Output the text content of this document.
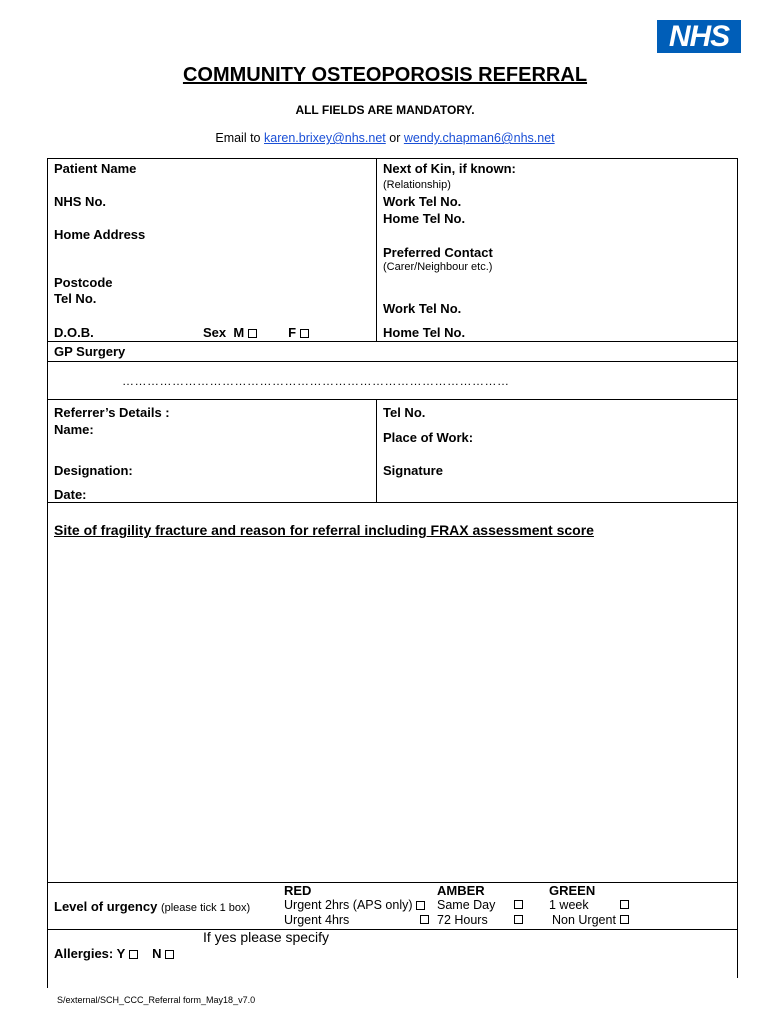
NHS
COMMUNITY OSTEOPOROSIS REFERRAL
ALL FIELDS ARE MANDATORY.
Email to karen.brixey@nhs.net or wendy.chapman6@nhs.net
Patient Name
NHS No.
Home Address
Postcode
Tel No.
D.O.B.	Sex M	F
GP Surgery
Next of Kin, if known:
(Relationship)
Work Tel No.
Home Tel No.
Preferred Contact
(Carer/Neighbour etc.)
Work Tel No.
Home Tel No.
…………………………………………………………………………………
Referrer’s Details :
Name:
Designation:
Date:
Tel No.
Place of Work:
Signature
Site of fragility fracture and reason for referral including FRAX assessment score
Level of urgency (please tick 1 box)
RED
Urgent 2hrs (APS only)
Urgent 4hrs
AMBER
Same Day
72 Hours
GREEN
1 week
Non Urgent
If yes please specify
Allergies: Y N
S/external/SCH_CCC_Referral form_May18_v7.0
